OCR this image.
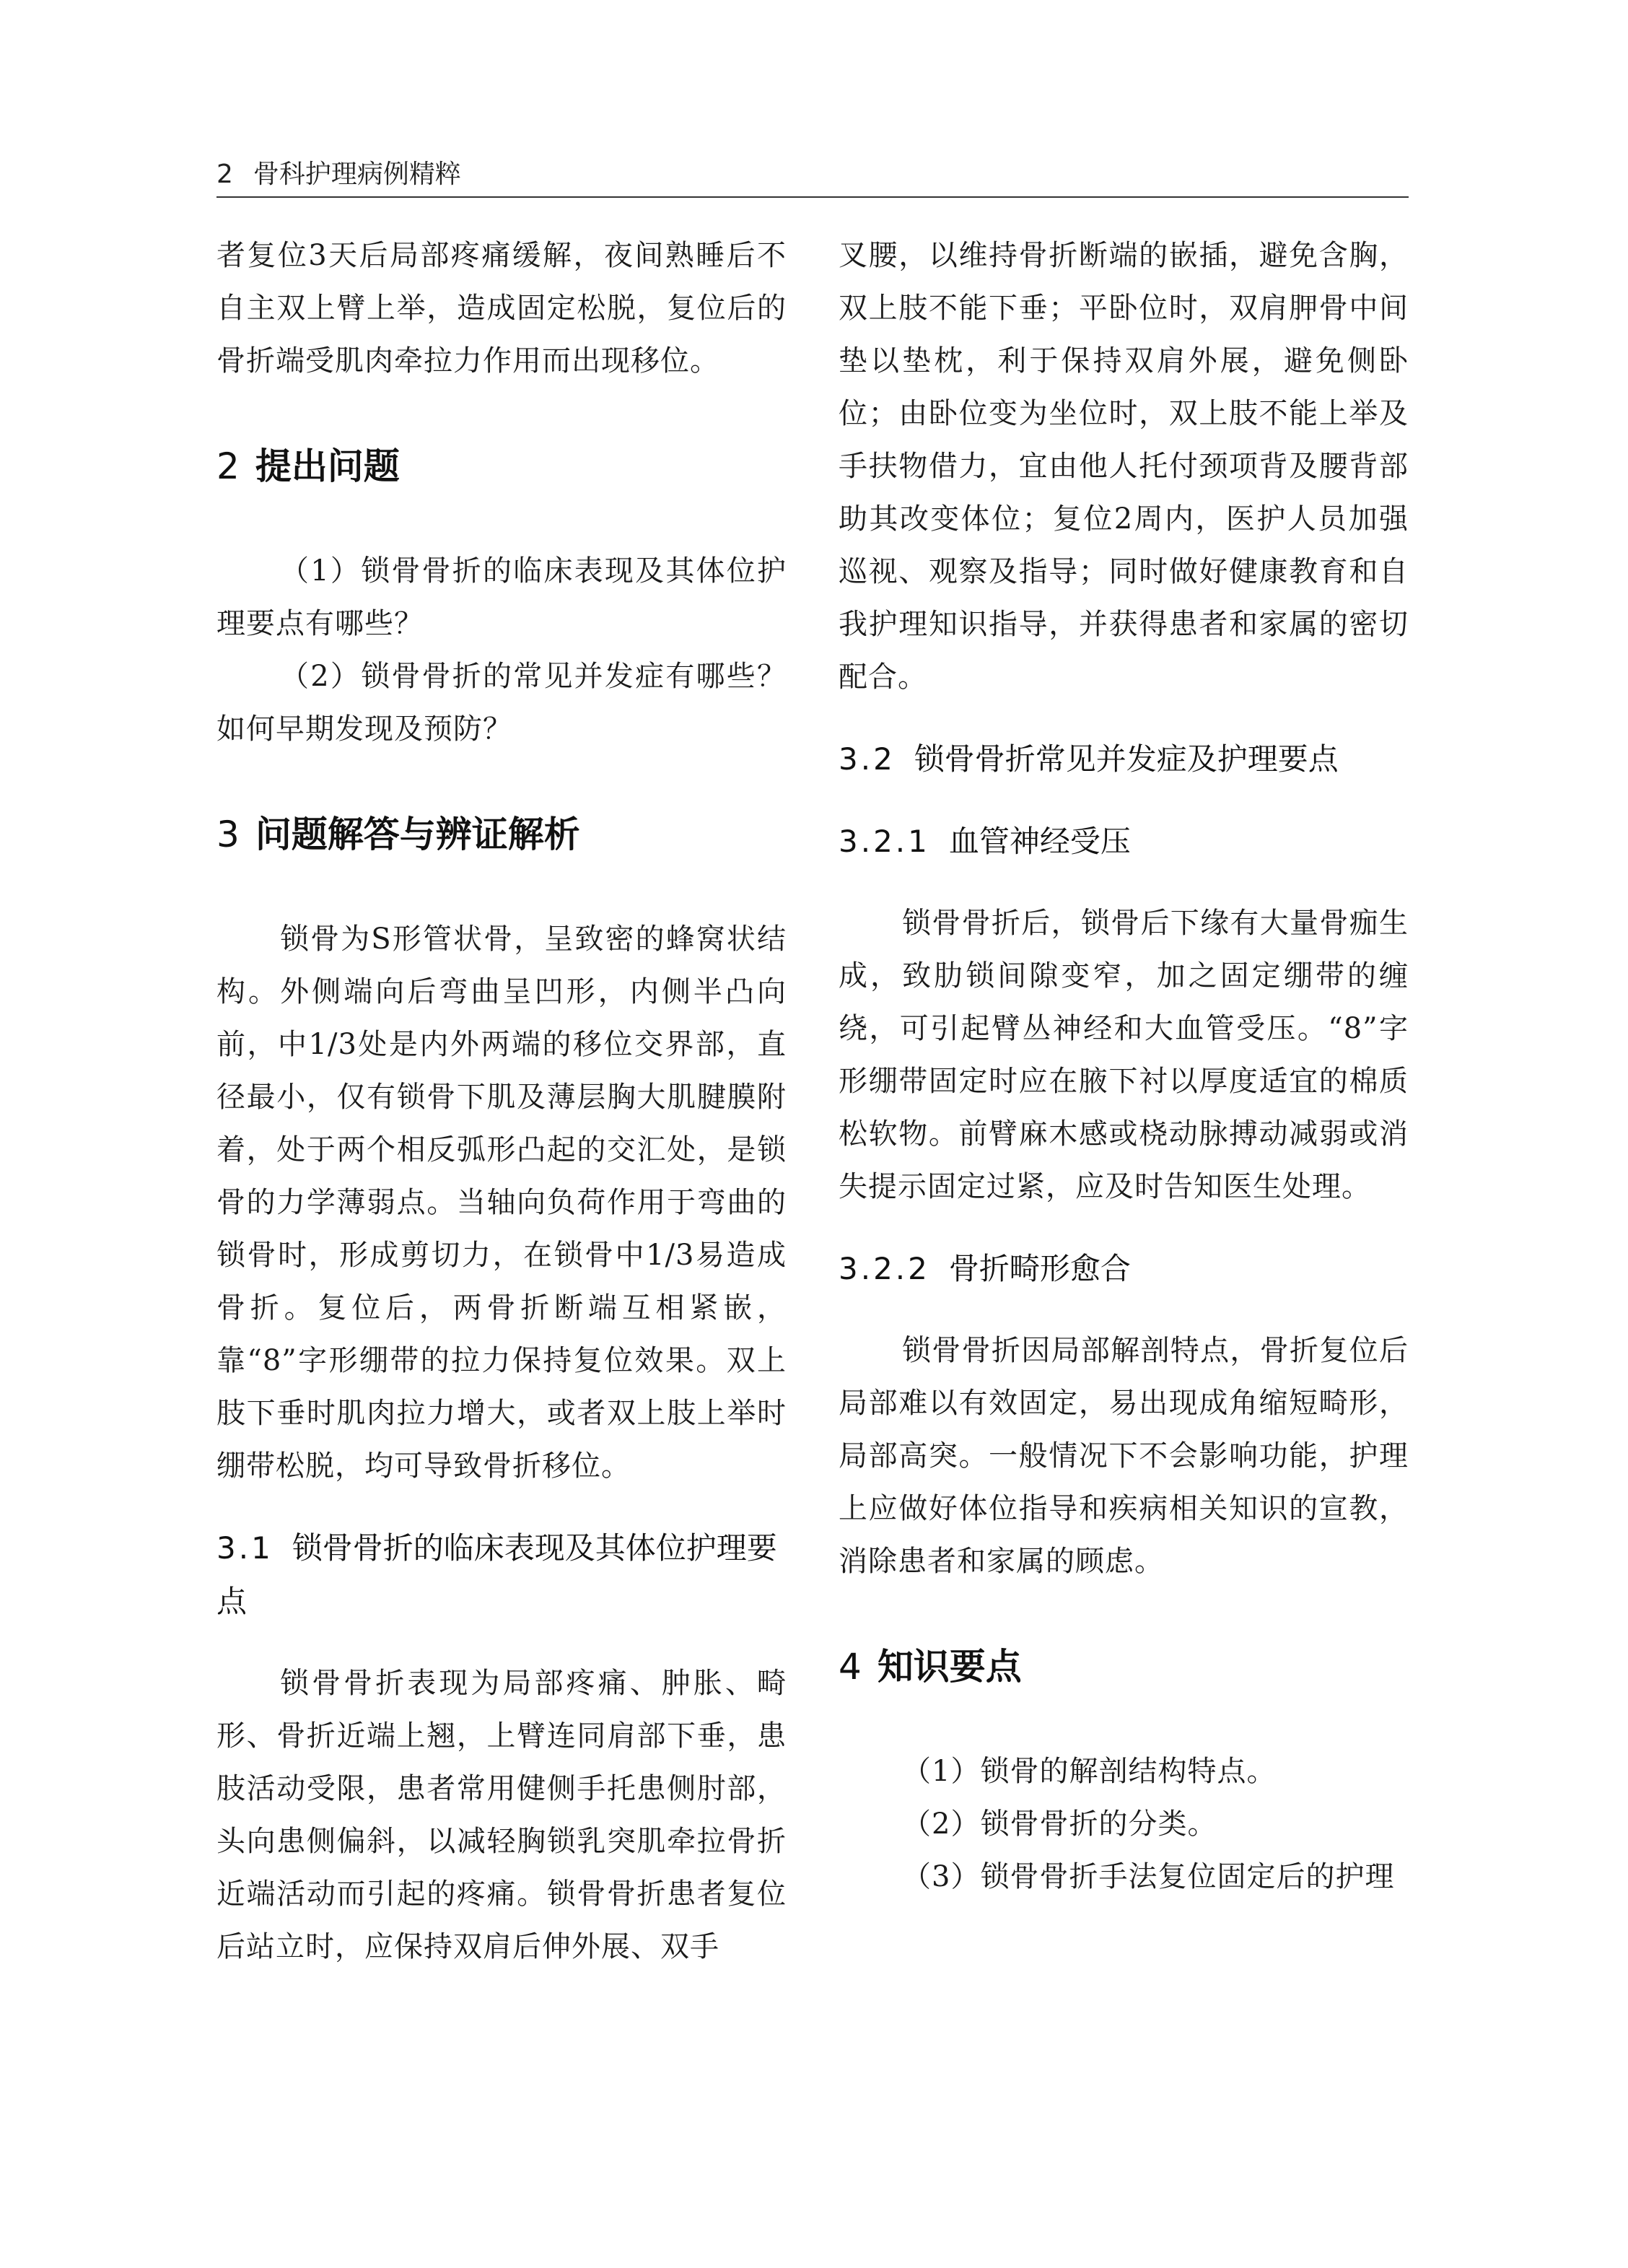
2 骨科护理病例精粹

者复位3天后局部疼痛缓解，夜间熟睡后不自主双上臂上举，造成固定松脱，复位后的骨折端受肌肉牵拉力作用而出现移位。

2 提出问题

（1）锁骨骨折的临床表现及其体位护理要点有哪些？

（2）锁骨骨折的常见并发症有哪些？如何早期发现及预防？

3 问题解答与辨证解析

锁骨为S形管状骨，呈致密的蜂窝状结构。外侧端向后弯曲呈凹形，内侧半凸向前，中1/3处是内外两端的移位交界部，直径最小，仅有锁骨下肌及薄层胸大肌腱膜附着，处于两个相反弧形凸起的交汇处，是锁骨的力学薄弱点。当轴向负荷作用于弯曲的锁骨时，形成剪切力，在锁骨中1/3易造成骨折。复位后，两骨折断端互相紧嵌，靠“8”字形绷带的拉力保持复位效果。双上肢下垂时肌肉拉力增大，或者双上肢上举时绷带松脱，均可导致骨折移位。

3.1 锁骨骨折的临床表现及其体位护理要点

锁骨骨折表现为局部疼痛、肿胀、畸形、骨折近端上翘，上臂连同肩部下垂，患肢活动受限，患者常用健侧手托患侧肘部，头向患侧偏斜，以减轻胸锁乳突肌牵拉骨折近端活动而引起的疼痛。锁骨骨折患者复位后站立时，应保持双肩后伸外展、双手

叉腰，以维持骨折断端的嵌插，避免含胸，双上肢不能下垂；平卧位时，双肩胛骨中间垫以垫枕，利于保持双肩外展，避免侧卧位；由卧位变为坐位时，双上肢不能上举及手扶物借力，宜由他人托付颈项背及腰背部助其改变体位；复位2周内，医护人员加强巡视、观察及指导；同时做好健康教育和自我护理知识指导，并获得患者和家属的密切配合。

3.2 锁骨骨折常见并发症及护理要点
3.2.1 血管神经受压

锁骨骨折后，锁骨后下缘有大量骨痂生成，致肋锁间隙变窄，加之固定绷带的缠绕，可引起臂丛神经和大血管受压。“8”字形绷带固定时应在腋下衬以厚度适宜的棉质松软物。前臂麻木感或桡动脉搏动减弱或消失提示固定过紧，应及时告知医生处理。

3.2.2 骨折畸形愈合

锁骨骨折因局部解剖特点，骨折复位后局部难以有效固定，易出现成角缩短畸形，局部高突。一般情况下不会影响功能，护理上应做好体位指导和疾病相关知识的宣教，消除患者和家属的顾虑。

4 知识要点

（1）锁骨的解剖结构特点。

（2）锁骨骨折的分类。

（3）锁骨骨折手法复位固定后的护理
